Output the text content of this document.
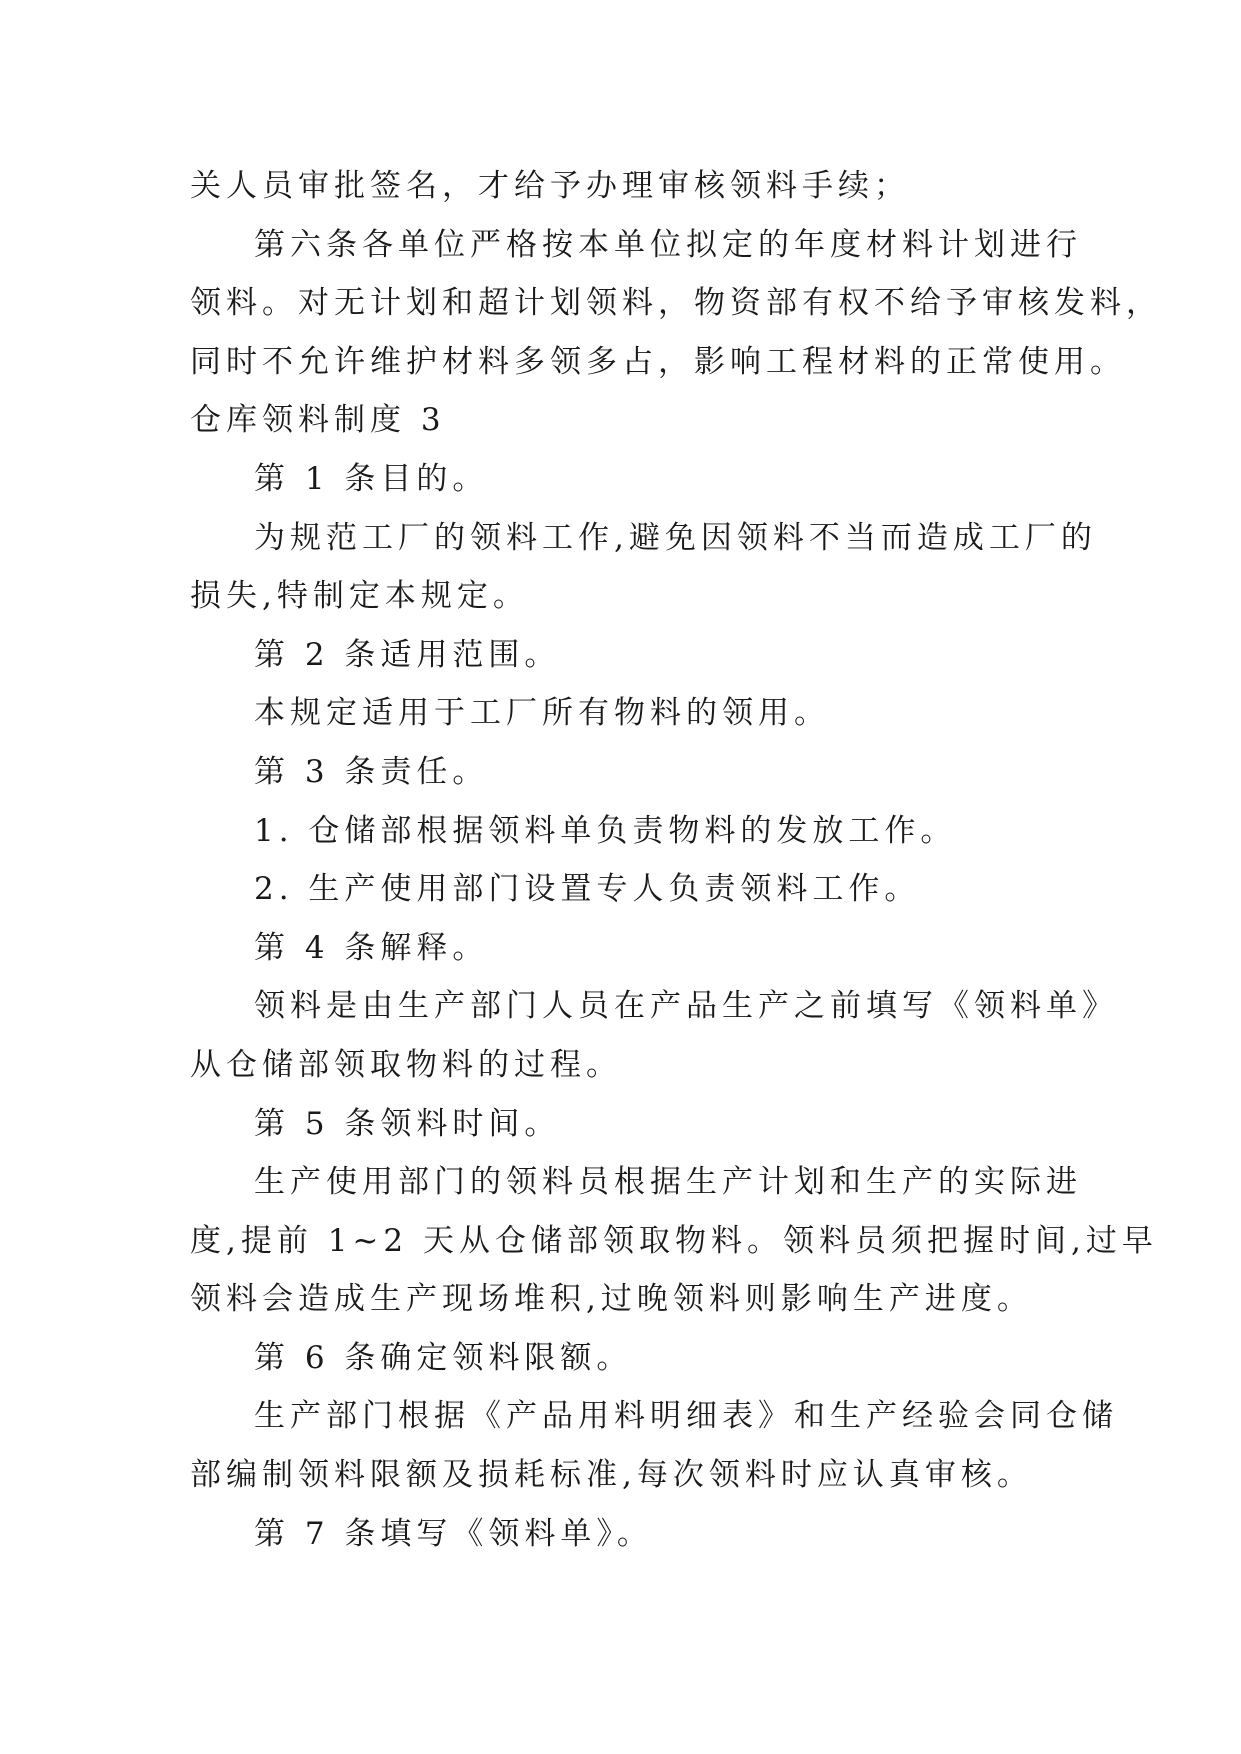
关人员审批签名，才给予办理审核领料手续；
第六条各单位严格按本单位拟定的年度材料计划进行
领料。对无计划和超计划领料，物资部有权不给予审核发料，
同时不允许维护材料多领多占，影响工程材料的正常使用。
仓库领料制度 3
第 1 条目的。
为规范工厂的领料工作,避免因领料不当而造成工厂的
损失,特制定本规定。
第 2 条适用范围。
本规定适用于工厂所有物料的领用。
第 3 条责任。
1. 仓储部根据领料单负责物料的发放工作。
2. 生产使用部门设置专人负责领料工作。
第 4 条解释。
领料是由生产部门人员在产品生产之前填写《领料单》
从仓储部领取物料的过程。
第 5 条领料时间。
生产使用部门的领料员根据生产计划和生产的实际进
度,提前 1~2 天从仓储部领取物料。领料员须把握时间,过早
领料会造成生产现场堆积,过晚领料则影响生产进度。
第 6 条确定领料限额。
生产部门根据《产品用料明细表》和生产经验会同仓储
部编制领料限额及损耗标准,每次领料时应认真审核。
第 7 条填写《领料单》。
